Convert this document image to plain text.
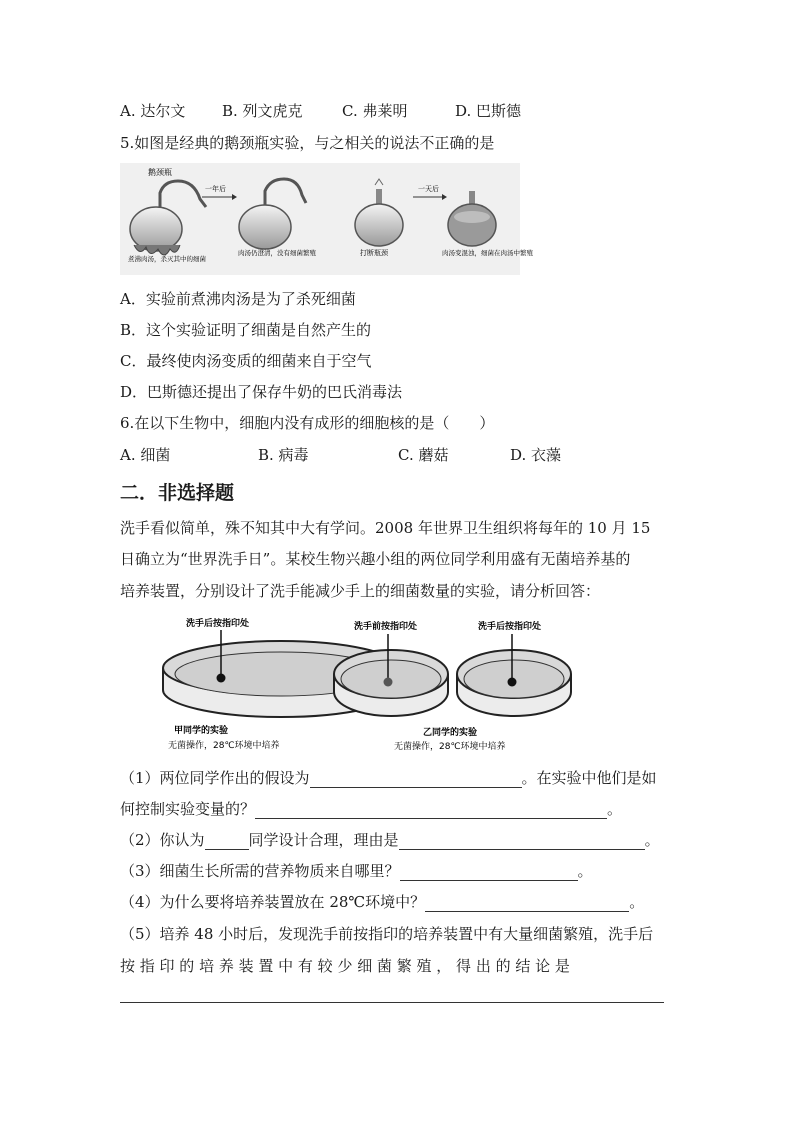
A. 达尔文 B. 列文虎克	C. 弗莱明	D. 巴斯德
5.如图是经典的鹅颈瓶实验，与之相关的说法不正确的是
鹅颈瓶
煮沸肉汤，杀灭其中的细菌
一年后
肉汤仍澄清，没有细菌繁殖	打断瓶颈
一天后
肉汤变混浊，细菌在肉汤中繁殖
A．实验前煮沸肉汤是为了杀死细菌
B．这个实验证明了细菌是自然产生的
C．最终使肉汤变质的细菌来自于空气
D．巴斯德还提出了保存牛奶的巴氏消毒法
6.在以下生物中，细胞内没有成形的细胞核的是（　　）
A. 细菌	B. 病毒	C. 蘑菇	D. 衣藻
二．非选择题
洗手看似简单，殊不知其中大有学问。2008 年世界卫生组织将每年的 10 月 15
日确立为“世界洗手日”。某校生物兴趣小组的两位同学利用盛有无菌培养基的
培养装置，分别设计了洗手能减少手上的细菌数量的实验，请分析回答：
洗手后按指印处
甲同学的实验
无菌操作，28℃环境中培养
洗手前按指印处	洗手后按指印处
乙同学的实验
无菌操作，28℃环境中培养
（1）两位同学作出的假设为	。在实验中他们是如
何控制实验变量的？	。
（2）你认为	同学设计合理，理由是	。
（3）细菌生长所需的营养物质来自哪里？	。
（4）为什么要将培养装置放在 28℃环境中？	。
（5）培养 48 小时后，发现洗手前按指印的培养装置中有大量细菌繁殖，洗手后
按 指 印 的 培 养 装 置 中 有 较 少 细 菌 繁 殖 ， 得 出 的 结 论 是
